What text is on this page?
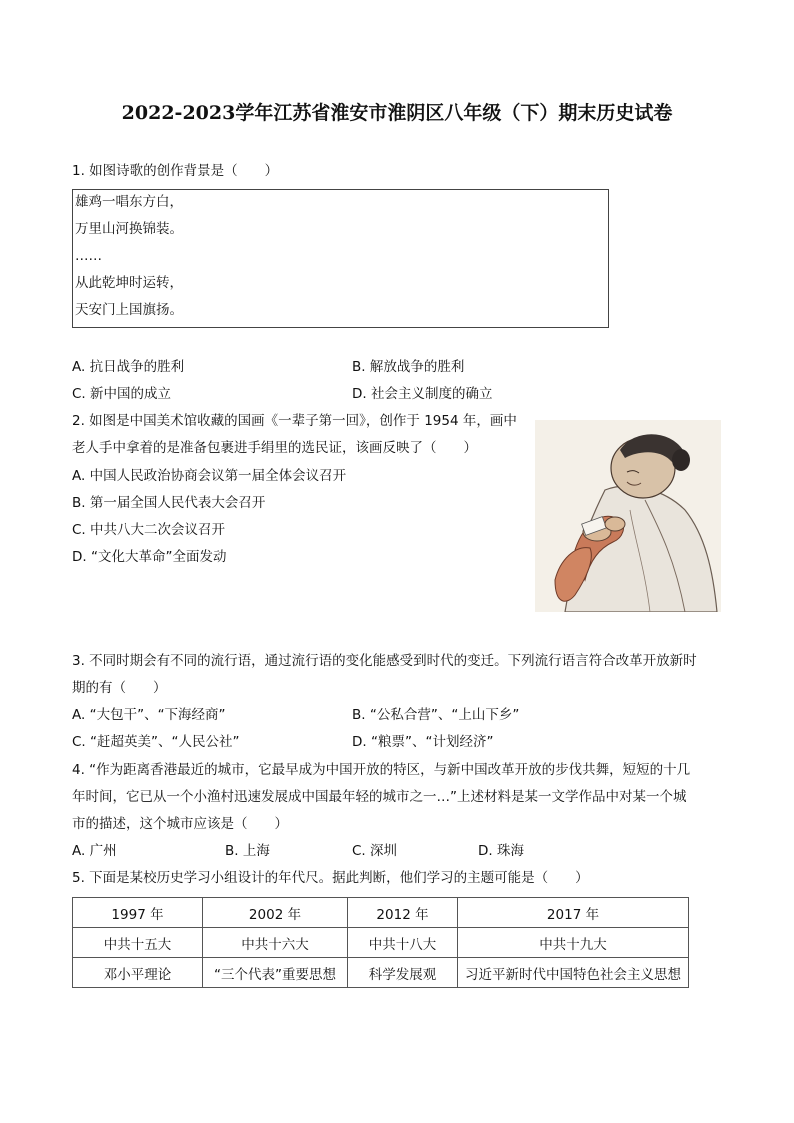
2022-2023学年江苏省淮安市淮阴区八年级（下）期末历史试卷
1. 如图诗歌的创作背景是（　　）
雄鸡一唱东方白，
万里山河换锦装。
……
从此乾坤时运转，
天安门上国旗扬。
A. 抗日战争的胜利	B. 解放战争的胜利
C. 新中国的成立	D. 社会主义制度的确立
2. 如图是中国美术馆收藏的国画《一辈子第一回》，创作于 1954 年，画中
老人手中拿着的是准备包裹进手绢里的选民证，该画反映了（　　）
A. 中国人民政治协商会议第一届全体会议召开
B. 第一届全国人民代表大会召开
C. 中共八大二次会议召开
D. “文化大革命”全面发动
3. 不同时期会有不同的流行语，通过流行语的变化能感受到时代的变迁。下列流行语言符合改革开放新时
期的有（　　）
A. “大包干”、“下海经商”	B. “公私合营”、“上山下乡”
C. “赶超英美”、“人民公社”	D. “粮票”、“计划经济”
4. “作为距离香港最近的城市，它最早成为中国开放的特区，与新中国改革开放的步伐共舞，短短的十几
年时间，它已从一个小渔村迅速发展成中国最年轻的城市之一…”上述材料是某一文学作品中对某一个城
市的描述，这个城市应该是（　　）
A. 广州	B. 上海	C. 深圳	D. 珠海
5. 下面是某校历史学习小组设计的年代尺。据此判断，他们学习的主题可能是（　　）
1997 年	2002 年	2012 年	2017 年
中共十五大	中共十六大	中共十八大	中共十九大
邓小平理论	“三个代表”重要思想	科学发展观	习近平新时代中国特色社会主义思想
